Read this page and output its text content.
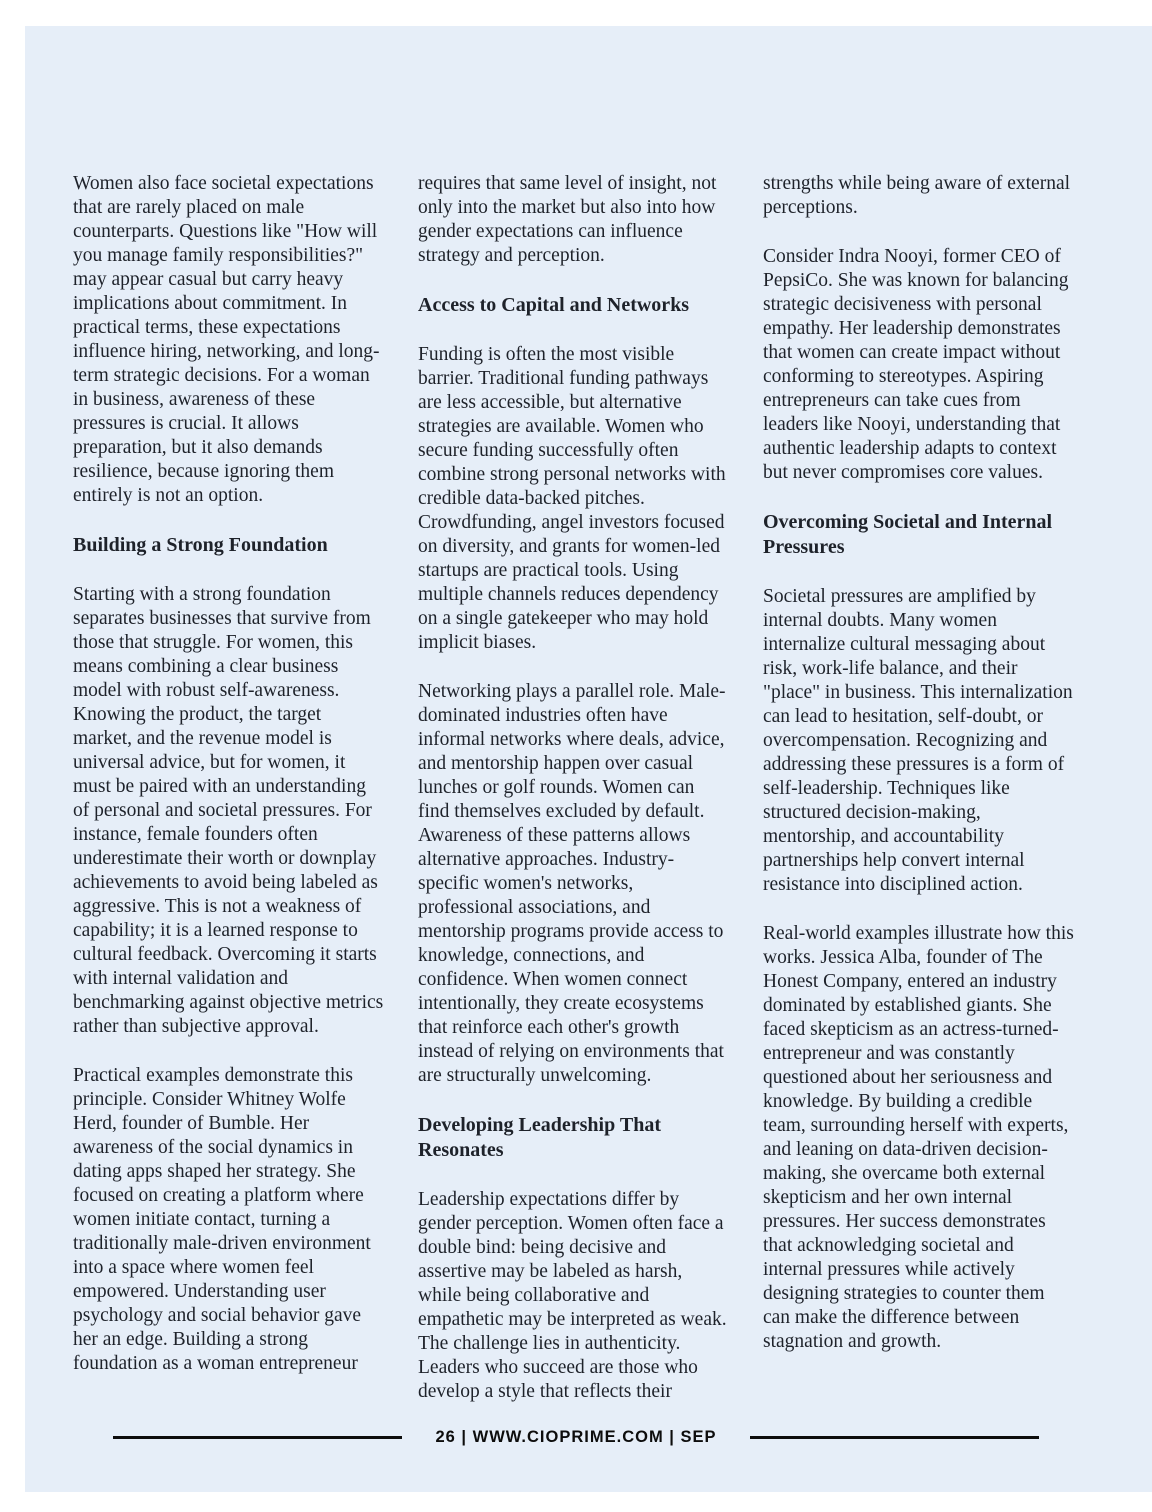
Women also face societal expectations that are rarely placed on male counterparts. Questions like "How will you manage family responsibilities?" may appear casual but carry heavy implications about commitment. In practical terms, these expectations influence hiring, networking, and long-term strategic decisions. For a woman in business, awareness of these pressures is crucial. It allows preparation, but it also demands resilience, because ignoring them entirely is not an option.

Building a Strong Foundation

Starting with a strong foundation separates businesses that survive from those that struggle. For women, this means combining a clear business model with robust self-awareness. Knowing the product, the target market, and the revenue model is universal advice, but for women, it must be paired with an understanding of personal and societal pressures. For instance, female founders often underestimate their worth or downplay achievements to avoid being labeled as aggressive. This is not a weakness of capability; it is a learned response to cultural feedback. Overcoming it starts with internal validation and benchmarking against objective metrics rather than subjective approval.

Practical examples demonstrate this principle. Consider Whitney Wolfe Herd, founder of Bumble. Her awareness of the social dynamics in dating apps shaped her strategy. She focused on creating a platform where women initiate contact, turning a traditionally male-driven environment into a space where women feel empowered. Understanding user psychology and social behavior gave her an edge. Building a strong foundation as a woman entrepreneur

requires that same level of insight, not only into the market but also into how gender expectations can influence strategy and perception.

Access to Capital and Networks

Funding is often the most visible barrier. Traditional funding pathways are less accessible, but alternative strategies are available. Women who secure funding successfully often combine strong personal networks with credible data-backed pitches. Crowdfunding, angel investors focused on diversity, and grants for women-led startups are practical tools. Using multiple channels reduces dependency on a single gatekeeper who may hold implicit biases.

Networking plays a parallel role. Male-dominated industries often have informal networks where deals, advice, and mentorship happen over casual lunches or golf rounds. Women can find themselves excluded by default. Awareness of these patterns allows alternative approaches. Industry-specific women's networks, professional associations, and mentorship programs provide access to knowledge, connections, and confidence. When women connect intentionally, they create ecosystems that reinforce each other's growth instead of relying on environments that are structurally unwelcoming.

Developing Leadership That Resonates

Leadership expectations differ by gender perception. Women often face a double bind: being decisive and assertive may be labeled as harsh, while being collaborative and empathetic may be interpreted as weak. The challenge lies in authenticity. Leaders who succeed are those who develop a style that reflects their

strengths while being aware of external perceptions.

Consider Indra Nooyi, former CEO of PepsiCo. She was known for balancing strategic decisiveness with personal empathy. Her leadership demonstrates that women can create impact without conforming to stereotypes. Aspiring entrepreneurs can take cues from leaders like Nooyi, understanding that authentic leadership adapts to context but never compromises core values.

Overcoming Societal and Internal Pressures

Societal pressures are amplified by internal doubts. Many women internalize cultural messaging about risk, work-life balance, and their "place" in business. This internalization can lead to hesitation, self-doubt, or overcompensation. Recognizing and addressing these pressures is a form of self-leadership. Techniques like structured decision-making, mentorship, and accountability partnerships help convert internal resistance into disciplined action.

Real-world examples illustrate how this works. Jessica Alba, founder of The Honest Company, entered an industry dominated by established giants. She faced skepticism as an actress-turned-entrepreneur and was constantly questioned about her seriousness and knowledge. By building a credible team, surrounding herself with experts, and leaning on data-driven decision-making, she overcame both external skepticism and her own internal pressures. Her success demonstrates that acknowledging societal and internal pressures while actively designing strategies to counter them can make the difference between stagnation and growth.

26 | WWW.CIOPRIME.COM | SEP
